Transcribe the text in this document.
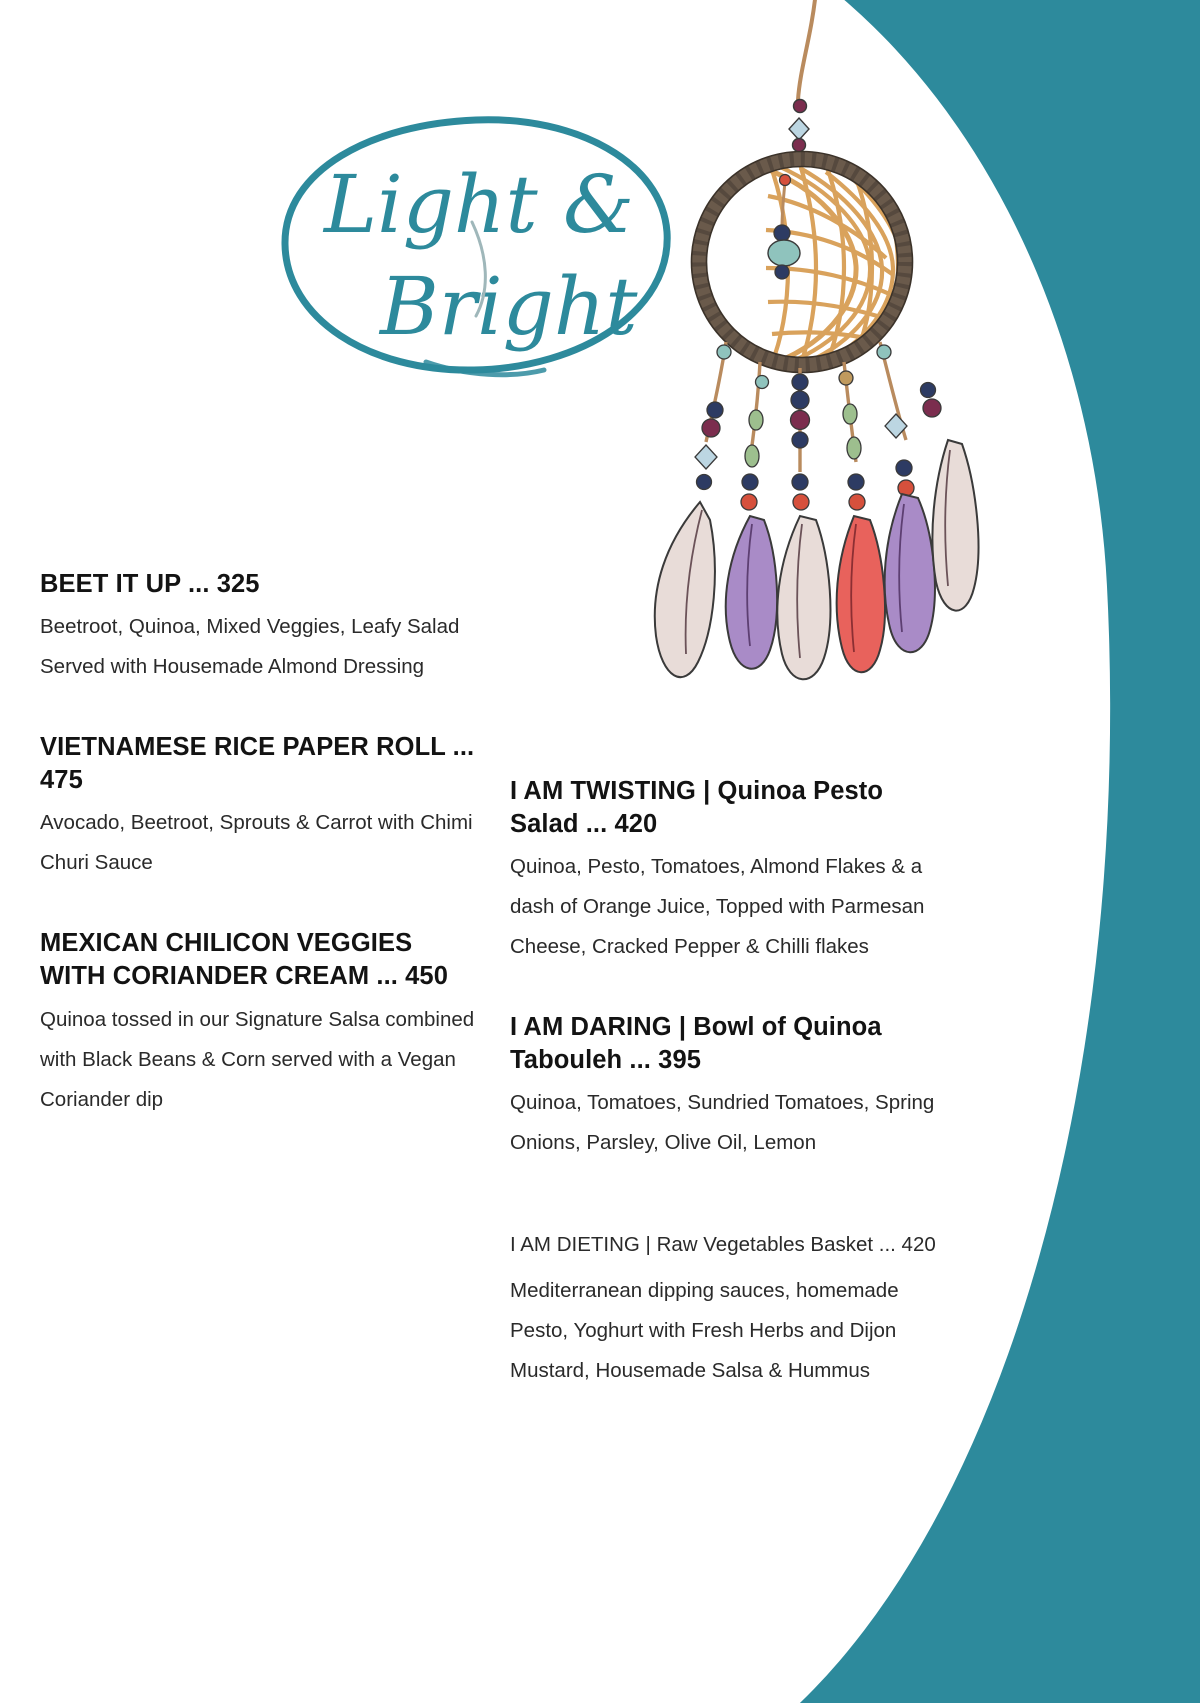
Light &
Bright

BEET IT UP ... 325

Beetroot, Quinoa, Mixed Veggies, Leafy Salad Served with Housemade Almond Dressing

VIETNAMESE RICE PAPER ROLL ... 475

Avocado, Beetroot, Sprouts & Carrot with Chimi Churi Sauce

MEXICAN CHILICON VEGGIES WITH CORIANDER CREAM ... 450

Quinoa tossed in our Signature Salsa combined with Black Beans & Corn served with a Vegan Coriander dip

I AM TWISTING | Quinoa Pesto Salad ... 420

Quinoa, Pesto, Tomatoes, Almond Flakes & a dash of Orange Juice, Topped with Parmesan Cheese, Cracked Pepper & Chilli flakes

I AM DARING | Bowl of Quinoa Tabouleh ... 395

Quinoa, Tomatoes, Sundried Tomatoes, Spring Onions, Parsley, Olive Oil, Lemon

I AM DIETING | Raw Vegetables Basket ... 420

Mediterranean dipping sauces, homemade Pesto, Yoghurt with Fresh Herbs and Dijon Mustard, Housemade Salsa & Hummus
